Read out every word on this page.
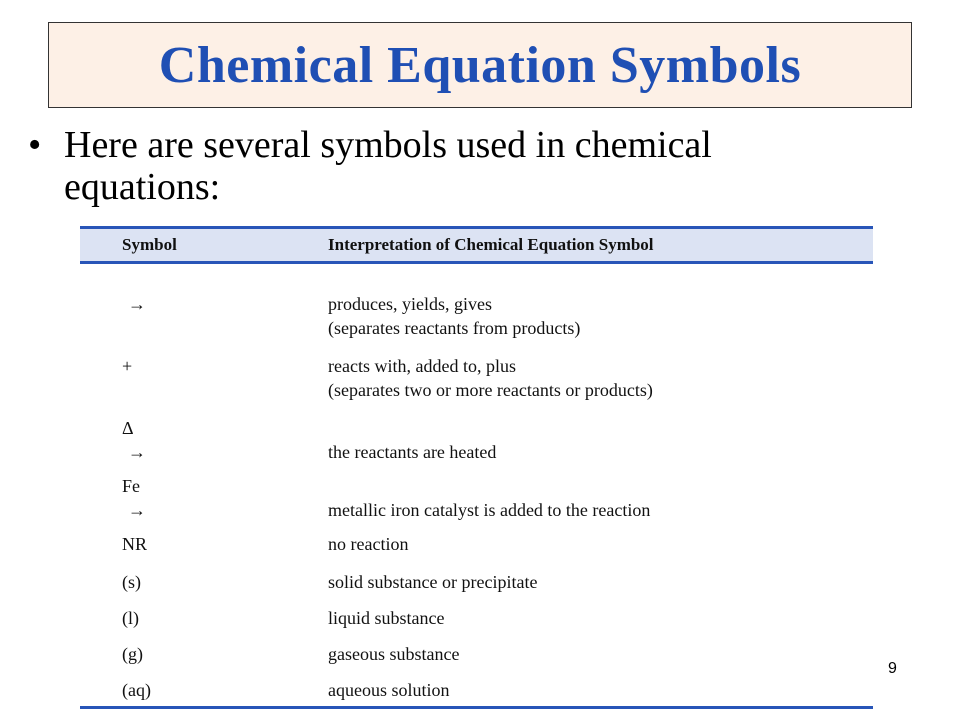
Chemical Equation Symbols
• Here are several symbols used in chemical equations:
Symbol	Interpretation of Chemical Equation Symbol
→	produces, yields, gives
(separates reactants from products)
+	reacts with, added to, plus
(separates two or more reactants or products)
Δ
→
	the reactants are heated
Fe
→
	metallic iron catalyst is added to the reaction
NR	no reaction
(s)	solid substance or precipitate
(l)	liquid substance
(g)	gaseous substance
(aq)	aqueous solution
9
